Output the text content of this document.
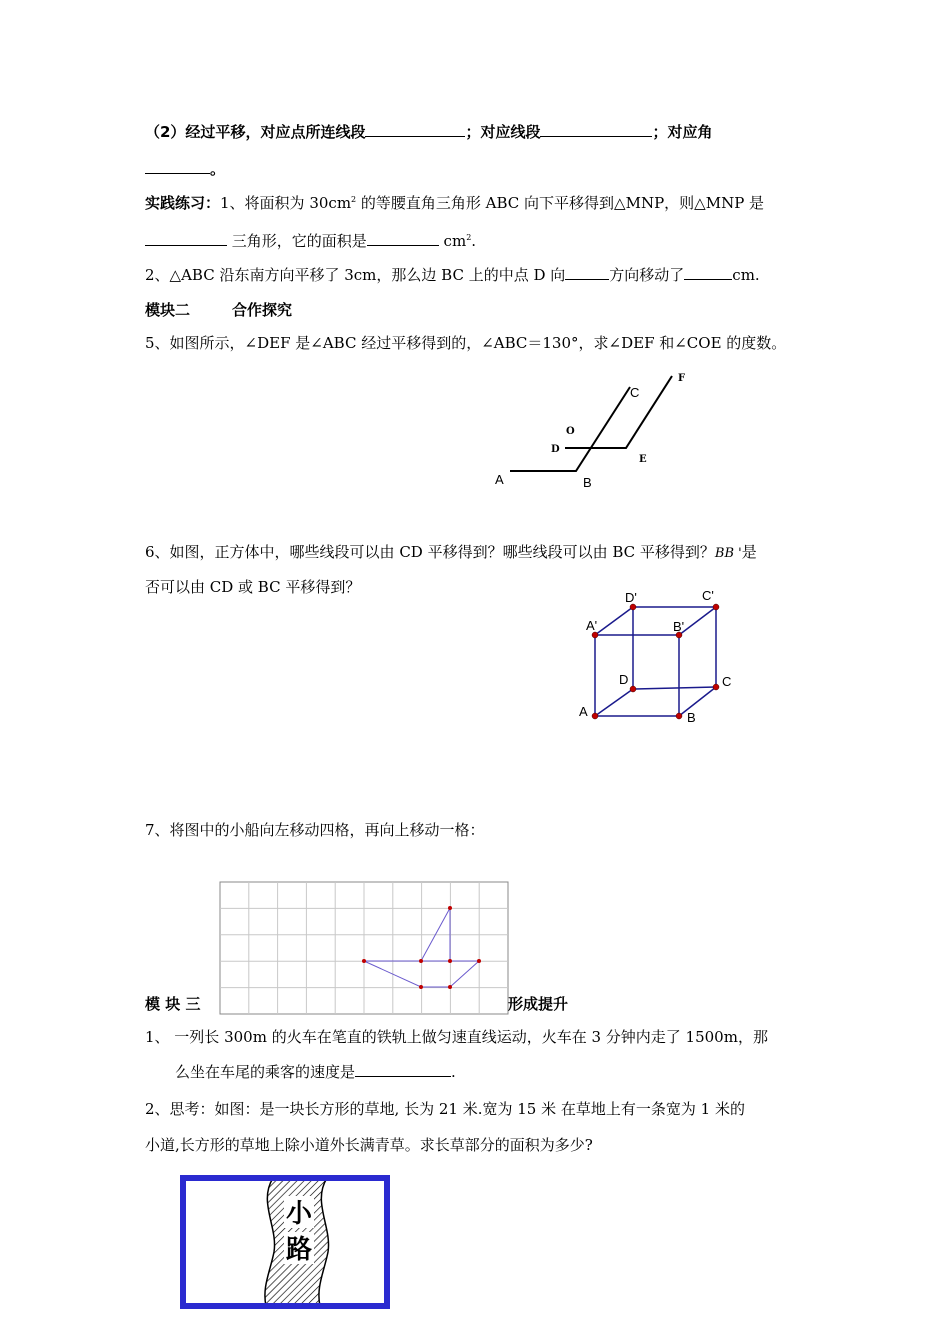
（2）经过平移，对应点所连线段	；对应线段	；对应角
。
实践练习：1、将面积为 $30cm^2$ 的等腰直角三角形 ABC 向下平移得到△MNP，则△MNP 是
三角形，它的面积是	$cm^2$.
2、△ABC 沿东南方向平移了 3cm，那么边 BC 上的中点 D 向	方向移动了	cm.
模块二	合作探究
5、如图所示，∠DEF 是∠ABC 经过平移得到的，∠ABC＝130°，求∠DEF 和∠COE 的度数。
A	B
C
D
E
F
O
6、如图，正方体中，哪些线段可以由 CD 平移得到？哪些线段可以由 BC 平移得到？BB '是
否可以由 CD 或 BC 平移得到？
A	B
C
D
A'	B'
C'
D'
7、将图中的小船向左移动四格，再向上移动一格：
模 块 三	形成提升
1、 一列长 300m 的火车在笔直的铁轨上做匀速直线运动，火车在 3 分钟内走了 1500m，那
么坐在车尾的乘客的速度是	.
2、思考：如图：是一块长方形的草地, 长为 21 米.宽为 15 米 在草地上有一条宽为 1 米的
小道,长方形的草地上除小道外长满青草。求长草部分的面积为多少?
小
路
